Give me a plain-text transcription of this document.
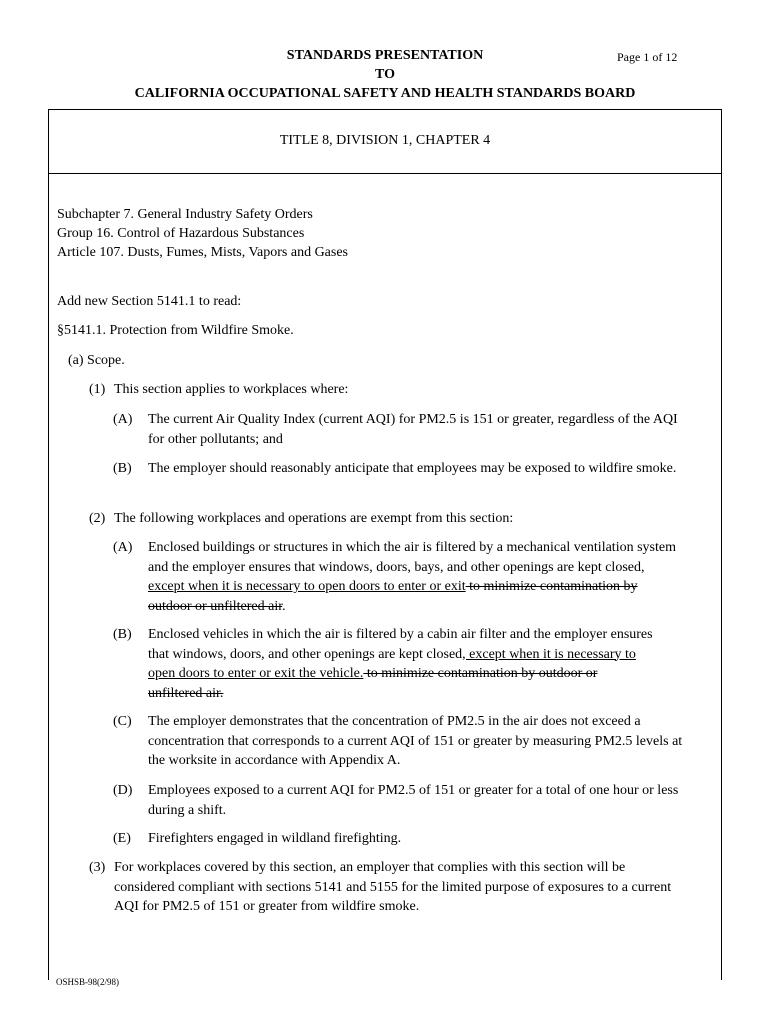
STANDARDS PRESENTATION	Page 1 of 12
TO
CALIFORNIA OCCUPATIONAL SAFETY AND HEALTH STANDARDS BOARD
TITLE 8, DIVISION 1, CHAPTER 4
Subchapter 7. General Industry Safety Orders
Group 16. Control of Hazardous Substances
Article 107. Dusts, Fumes, Mists, Vapors and Gases
Add new Section 5141.1 to read:
§5141.1. Protection from Wildfire Smoke.
(a) Scope.
(1) This section applies to workplaces where:
(A) The current Air Quality Index (current AQI) for PM2.5 is 151 or greater, regardless of the AQI for other pollutants; and
(B) The employer should reasonably anticipate that employees may be exposed to wildfire smoke.
(2) The following workplaces and operations are exempt from this section:
(A) Enclosed buildings or structures in which the air is filtered by a mechanical ventilation system and the employer ensures that windows, doors, bays, and other openings are kept closed, except when it is necessary to open doors to enter or exit to minimize contamination by outdoor or unfiltered air.
(B) Enclosed vehicles in which the air is filtered by a cabin air filter and the employer ensures that windows, doors, and other openings are kept closed, except when it is necessary to open doors to enter or exit the vehicle. to minimize contamination by outdoor or unfiltered air.
(C) The employer demonstrates that the concentration of PM2.5 in the air does not exceed a concentration that corresponds to a current AQI of 151 or greater by measuring PM2.5 levels at the worksite in accordance with Appendix A.
(D) Employees exposed to a current AQI for PM2.5 of 151 or greater for a total of one hour or less during a shift.
(E) Firefighters engaged in wildland firefighting.
(3) For workplaces covered by this section, an employer that complies with this section will be considered compliant with sections 5141 and 5155 for the limited purpose of exposures to a current AQI for PM2.5 of 151 or greater from wildfire smoke.
OSHSB-98(2/98)
